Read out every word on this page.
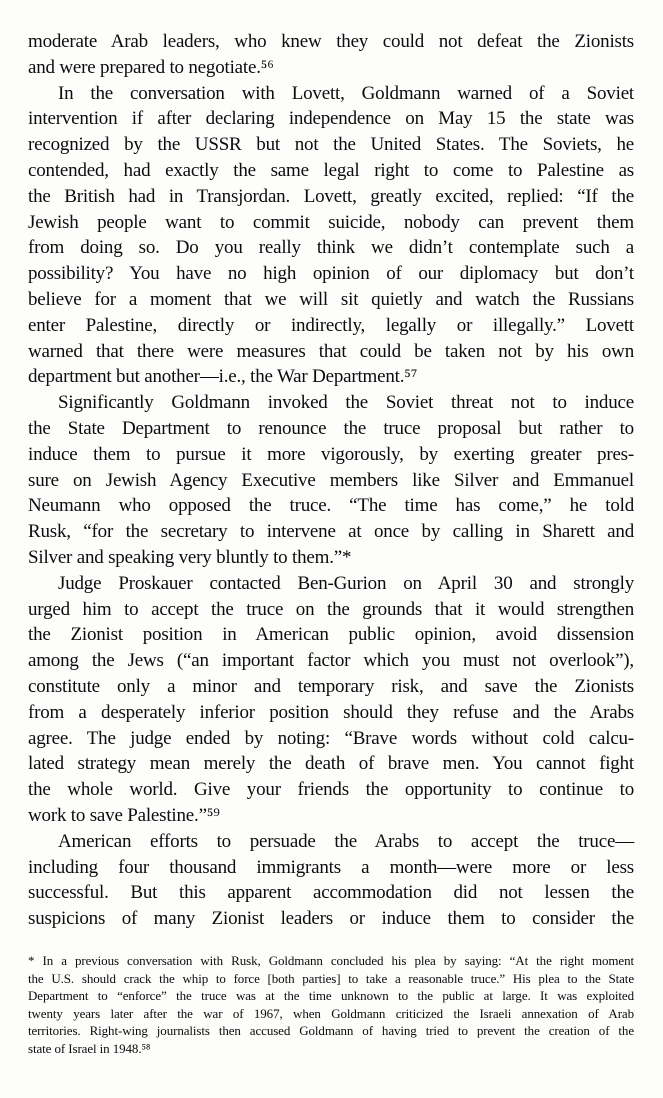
moderate Arab leaders, who knew they could not defeat the Zionists
and were prepared to negotiate.⁵⁶
In the conversation with Lovett, Goldmann warned of a Soviet
intervention if after declaring independence on May 15 the state was
recognized by the USSR but not the United States. The Soviets, he
contended, had exactly the same legal right to come to Palestine as
the British had in Transjordan. Lovett, greatly excited, replied: “If the
Jewish people want to commit suicide, nobody can prevent them
from doing so. Do you really think we didn’t contemplate such a
possibility? You have no high opinion of our diplomacy but don’t
believe for a moment that we will sit quietly and watch the Russians
enter Palestine, directly or indirectly, legally or illegally.” Lovett
warned that there were measures that could be taken not by his own
department but another—i.e., the War Department.⁵⁷
Significantly Goldmann invoked the Soviet threat not to induce
the State Department to renounce the truce proposal but rather to
induce them to pursue it more vigorously, by exerting greater pres-
sure on Jewish Agency Executive members like Silver and Emmanuel
Neumann who opposed the truce. “The time has come,” he told
Rusk, “for the secretary to intervene at once by calling in Sharett and
Silver and speaking very bluntly to them.”*
Judge Proskauer contacted Ben-Gurion on April 30 and strongly
urged him to accept the truce on the grounds that it would strengthen
the Zionist position in American public opinion, avoid dissension
among the Jews (“an important factor which you must not overlook”),
constitute only a minor and temporary risk, and save the Zionists
from a desperately inferior position should they refuse and the Arabs
agree. The judge ended by noting: “Brave words without cold calcu-
lated strategy mean merely the death of brave men. You cannot fight
the whole world. Give your friends the opportunity to continue to
work to save Palestine.”⁵⁹
American efforts to persuade the Arabs to accept the truce—
including four thousand immigrants a month—were more or less
successful. But this apparent accommodation did not lessen the
suspicions of many Zionist leaders or induce them to consider the
* In a previous conversation with Rusk, Goldmann concluded his plea by saying: “At the right moment
the U.S. should crack the whip to force [both parties] to take a reasonable truce.” His plea to the State
Department to “enforce” the truce was at the time unknown to the public at large. It was exploited
twenty years later after the war of 1967, when Goldmann criticized the Israeli annexation of Arab
territories. Right-wing journalists then accused Goldmann of having tried to prevent the creation of the
state of Israel in 1948.⁵⁸
